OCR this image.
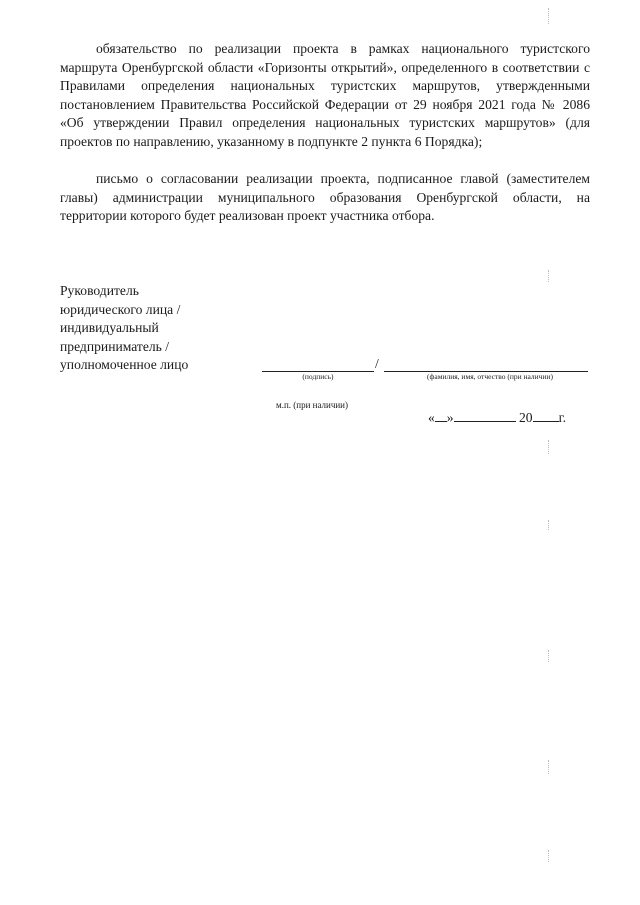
обязательство по реализации проекта в рамках национального туристского маршрута Оренбургской области «Горизонты открытий», определенного в соответствии с Правилами определения национальных туристских маршрутов, утвержденными постановлением Правительства Российской Федерации от 29 ноября 2021 года № 2086 «Об утверждении Правил определения национальных туристских маршрутов» (для проектов по направлению, указанному в подпункте 2 пункта 6 Порядка);

письмо о согласовании реализации проекта, подписанное главой (заместителем главы) администрации муниципального образования Оренбургской области, на территории которого будет реализован проект участника отбора.

Руководитель
юридического лица /
индивидуальный
предприниматель /
уполномоченное лицо	/
(подпись)	(фамилия, имя, отчество (при наличии)
м.п. (при наличии)
« »	20 г.
